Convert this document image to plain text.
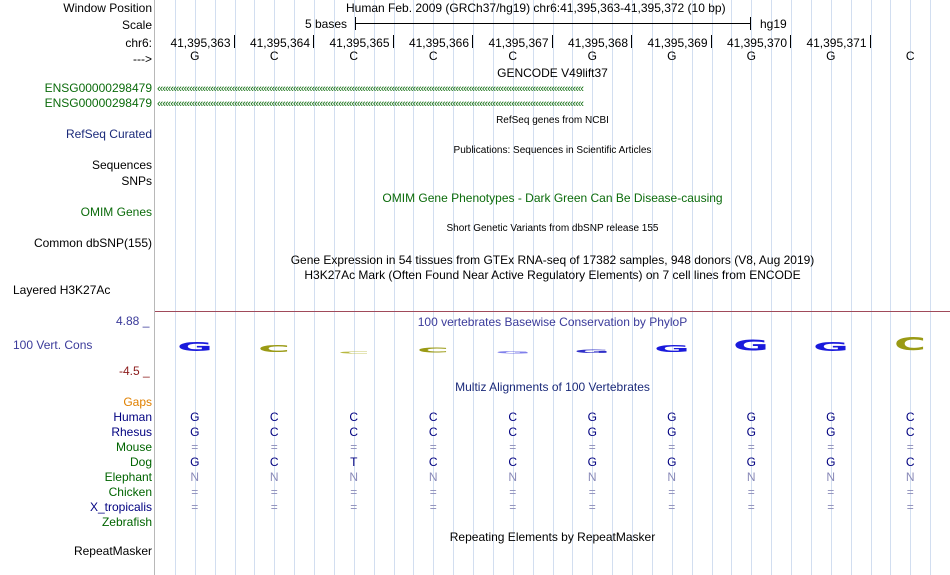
Window Position	Human Feb. 2009 (GRCh37/hg19) chr6:41,395,363-41,395,372 (10 bp)
Scale	5 bases	hg19
chr6: 41,395,363 41,395,364 41,395,365 41,395,366 41,395,367 41,395,368 41,395,369 41,395,370 41,395,371
--->	G	C	C	C	C	G	G	G	G	C
GENCODE V49lift37
ENSG00000298479 ‹‹‹‹‹‹‹‹‹‹‹‹‹‹‹‹‹‹‹‹‹‹‹‹‹‹‹‹‹‹‹‹‹‹‹‹‹‹‹‹‹‹‹‹‹‹‹‹‹‹‹‹‹‹‹‹‹‹‹‹‹‹‹‹‹‹‹‹‹‹‹‹‹‹‹‹‹‹‹‹‹‹‹‹‹‹‹‹‹‹‹‹‹‹‹‹‹‹‹‹‹‹‹‹‹‹‹‹‹‹‹‹‹‹‹‹‹‹‹‹‹‹‹‹‹‹‹‹‹‹‹‹‹‹‹‹‹‹‹‹‹‹‹‹‹‹‹‹‹‹‹‹‹‹‹‹‹‹‹‹
ENSG00000298479 ‹‹‹‹‹‹‹‹‹‹‹‹‹‹‹‹‹‹‹‹‹‹‹‹‹‹‹‹‹‹‹‹‹‹‹‹‹‹‹‹‹‹‹‹‹‹‹‹‹‹‹‹‹‹‹‹‹‹‹‹‹‹‹‹‹‹‹‹‹‹‹‹‹‹‹‹‹‹‹‹‹‹‹‹‹‹‹‹‹‹‹‹‹‹‹‹‹‹‹‹‹‹‹‹‹‹‹‹‹‹‹‹‹‹‹‹‹‹‹‹‹‹‹‹‹‹‹‹‹‹‹‹‹‹‹‹‹‹‹‹‹‹‹‹‹‹‹‹‹‹‹‹‹‹‹‹‹‹‹‹
RefSeq genes from NCBI
RefSeq Curated
Publications: Sequences in Scientific Articles
Sequences
SNPs
OMIM Gene Phenotypes - Dark Green Can Be Disease-causing
OMIM Genes
Short Genetic Variants from dbSNP release 155
Common dbSNP(155)
Gene Expression in 54 tissues from GTEx RNA-seq of 17382 samples, 948 donors (V8, Aug 2019)
H3K27Ac Mark (Often Found Near Active Regulatory Elements) on 7 cell lines from ENCODE
Layered H3K27Ac
4.88 _	100 vertebrates Basewise Conservation by PhyloP
100 Vert. Cons	G	C	C	C	G	G	G	G	G	C
-4.5 _
Multiz Alignments of 100 Vertebrates
Gaps
Human	G	C	C	C	C	G	G	G	G	C
Rhesus	G	C	C	C	C	G	G	G	G	C
Mouse	=	=	=	=	=	=	=	=	=	=
Dog	G	C	T	C	C	G	G	G	G	C
Elephant	N	N	N	N	N	N	N	N	N	N
Chicken	=	=	=	=	=	=	=	=	=	=
X_tropicalis	=	=	=	=	=	=	=	=	=	=
Zebrafish
Repeating Elements by RepeatMasker
RepeatMasker
